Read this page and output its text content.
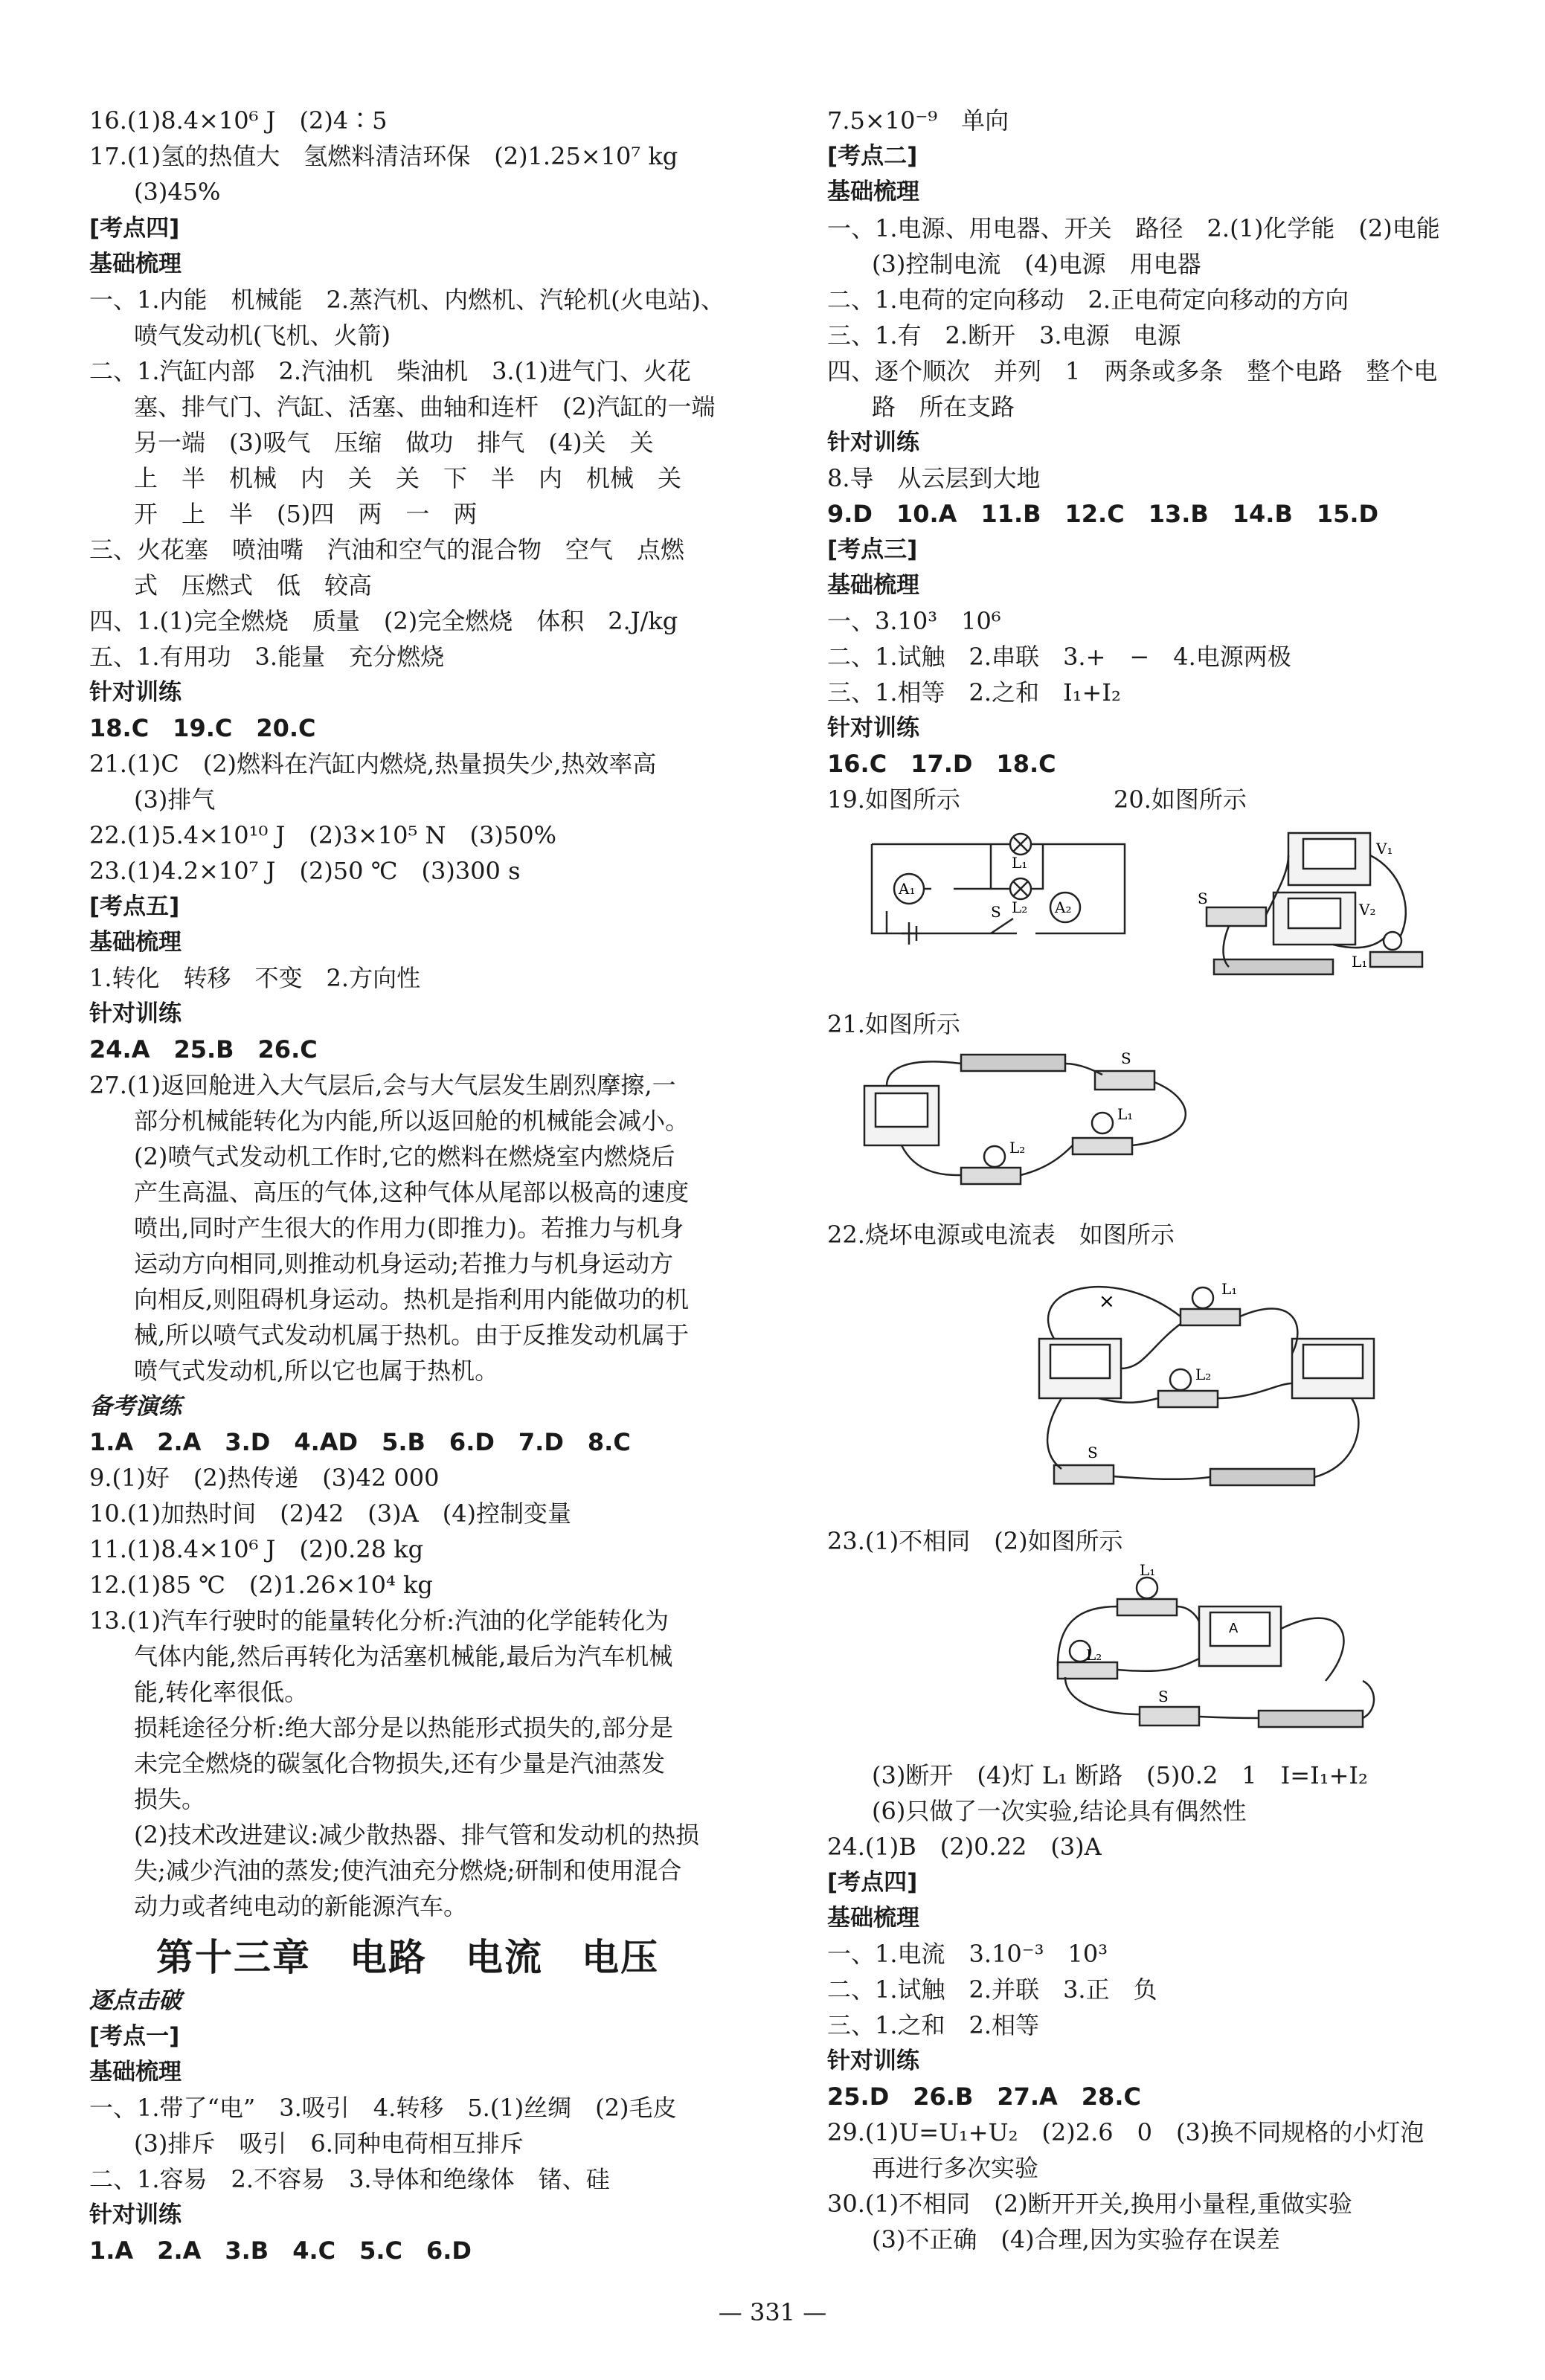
16.(1)8.4×10⁶ J　(2)4∶5
17.(1)氢的热值大　氢燃料清洁环保　(2)1.25×10⁷ kg
(3)45%
[考点四]
基础梳理
一、1.内能　机械能　2.蒸汽机、内燃机、汽轮机(火电站)、
喷气发动机(飞机、火箭)
二、1.汽缸内部　2.汽油机　柴油机　3.(1)进气门、火花
塞、排气门、汽缸、活塞、曲轴和连杆　(2)汽缸的一端
另一端　(3)吸气　压缩　做功　排气　(4)关　关
上　半　机械　内　关　关　下　半　内　机械　关
开　上　半　(5)四　两　一　两
三、火花塞　喷油嘴　汽油和空气的混合物　空气　点燃
式　压燃式　低　较高
四、1.(1)完全燃烧　质量　(2)完全燃烧　体积　2.J/kg
五、1.有用功　3.能量　充分燃烧
针对训练
18.C　19.C　20.C
21.(1)C　(2)燃料在汽缸内燃烧,热量损失少,热效率高
(3)排气
22.(1)5.4×10¹⁰ J　(2)3×10⁵ N　(3)50%
23.(1)4.2×10⁷ J　(2)50 ℃　(3)300 s
[考点五]
基础梳理
1.转化　转移　不变　2.方向性
针对训练
24.A　25.B　26.C
27.(1)返回舱进入大气层后,会与大气层发生剧烈摩擦,一
部分机械能转化为内能,所以返回舱的机械能会减小。
(2)喷气式发动机工作时,它的燃料在燃烧室内燃烧后
产生高温、高压的气体,这种气体从尾部以极高的速度
喷出,同时产生很大的作用力(即推力)。若推力与机身
运动方向相同,则推动机身运动;若推力与机身运动方
向相反,则阻碍机身运动。热机是指利用内能做功的机
械,所以喷气式发动机属于热机。由于反推发动机属于
喷气式发动机,所以它也属于热机。
备考演练
1.A　2.A　3.D　4.AD　5.B　6.D　7.D　8.C
9.(1)好　(2)热传递　(3)42 000
10.(1)加热时间　(2)42　(3)A　(4)控制变量
11.(1)8.4×10⁶ J　(2)0.28 kg
12.(1)85 ℃　(2)1.26×10⁴ kg
13.(1)汽车行驶时的能量转化分析:汽油的化学能转化为
气体内能,然后再转化为活塞机械能,最后为汽车机械
能,转化率很低。
损耗途径分析:绝大部分是以热能形式损失的,部分是
未完全燃烧的碳氢化合物损失,还有少量是汽油蒸发
损失。
(2)技术改进建议:减少散热器、排气管和发动机的热损
失;减少汽油的蒸发;使汽油充分燃烧;研制和使用混合
动力或者纯电动的新能源汽车。
第十三章　电路　电流　电压
逐点击破
[考点一]
基础梳理
一、1.带了“电”　3.吸引　4.转移　5.(1)丝绸　(2)毛皮
(3)排斥　吸引　6.同种电荷相互排斥
二、1.容易　2.不容易　3.导体和绝缘体　锗、硅
针对训练
1.A　2.A　3.B　4.C　5.C　6.D
7.5×10⁻⁹　单向
[考点二]
基础梳理
一、1.电源、用电器、开关　路径　2.(1)化学能　(2)电能
(3)控制电流　(4)电源　用电器
二、1.电荷的定向移动　2.正电荷定向移动的方向
三、1.有　2.断开　3.电源　电源
四、逐个顺次　并列　1　两条或多条　整个电路　整个电
路　所在支路
针对训练
8.导　从云层到大地
9.D　10.A　11.B　12.C　13.B　14.B　15.D
[考点三]
基础梳理
一、3.10³　10⁶
二、1.试触　2.串联　3.+　−　4.电源两极
三、1.相等　2.之和　I₁+I₂
针对训练
16.C　17.D　18.C
19.如图所示	20.如图所示
L₁
L₂
A₁
A₂
S
V₁
V₂
S
L₁
21.如图所示
S
L₁
L₂
22.烧坏电源或电流表　如图所示
×
L₁
L₂
S
23.(1)不相同　(2)如图所示
L₁
L₂
A
S
(3)断开　(4)灯 L₁ 断路　(5)0.2　1　I=I₁+I₂
(6)只做了一次实验,结论具有偶然性
24.(1)B　(2)0.22　(3)A
[考点四]
基础梳理
一、1.电流　3.10⁻³　10³
二、1.试触　2.并联　3.正　负
三、1.之和　2.相等
针对训练
25.D　26.B　27.A　28.C
29.(1)U=U₁+U₂　(2)2.6　0　(3)换不同规格的小灯泡
再进行多次实验
30.(1)不相同　(2)断开开关,换用小量程,重做实验
(3)不正确　(4)合理,因为实验存在误差
— 331 —
